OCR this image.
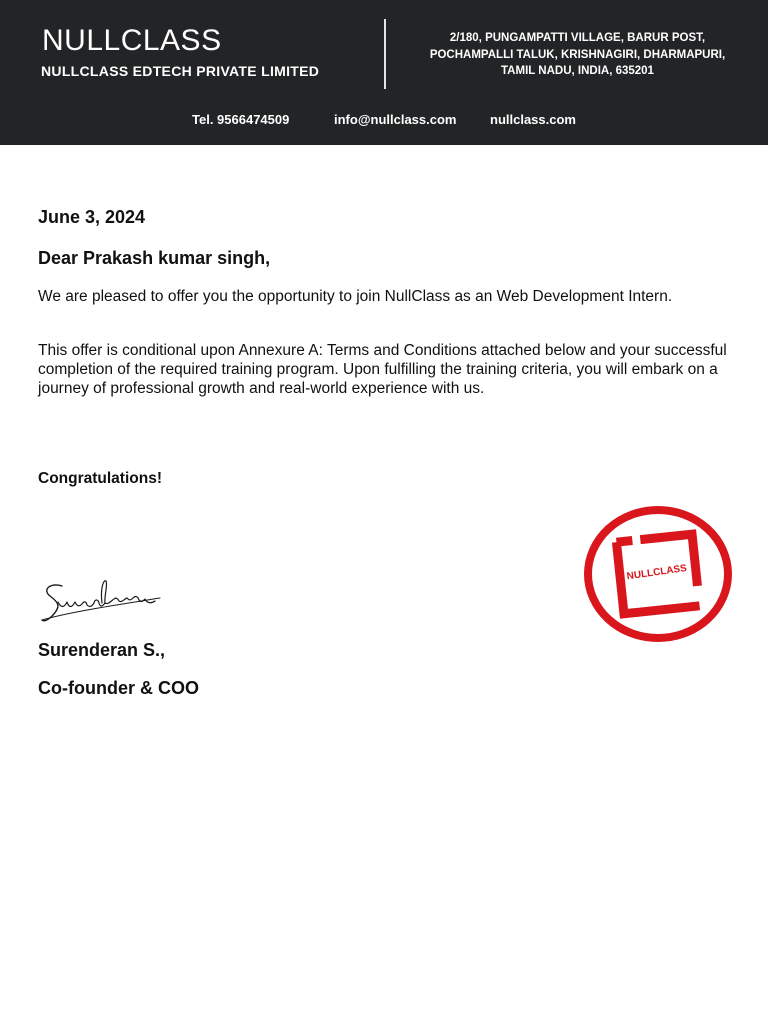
NULLCLASS
NULLCLASS EDTECH PRIVATE LIMITED
2/180, PUNGAMPATTI VILLAGE, BARUR POST,
POCHAMPALLI TALUK, KRISHNAGIRI, DHARMAPURI,
TAMIL NADU, INDIA, 635201
Tel. 9566474509	info@nullclass.com	nullclass.com
June 3, 2024
Dear Prakash kumar singh,
We are pleased to offer you the opportunity to join NullClass as an Web Development Intern.
This offer is conditional upon Annexure A: Terms and Conditions attached below and your successful completion of the required training program. Upon fulfilling the training criteria, you will embark on a journey of professional growth and real-world experience with us.
Congratulations!
Surenderan S.,
Co-founder & COO
NULLCLASS
